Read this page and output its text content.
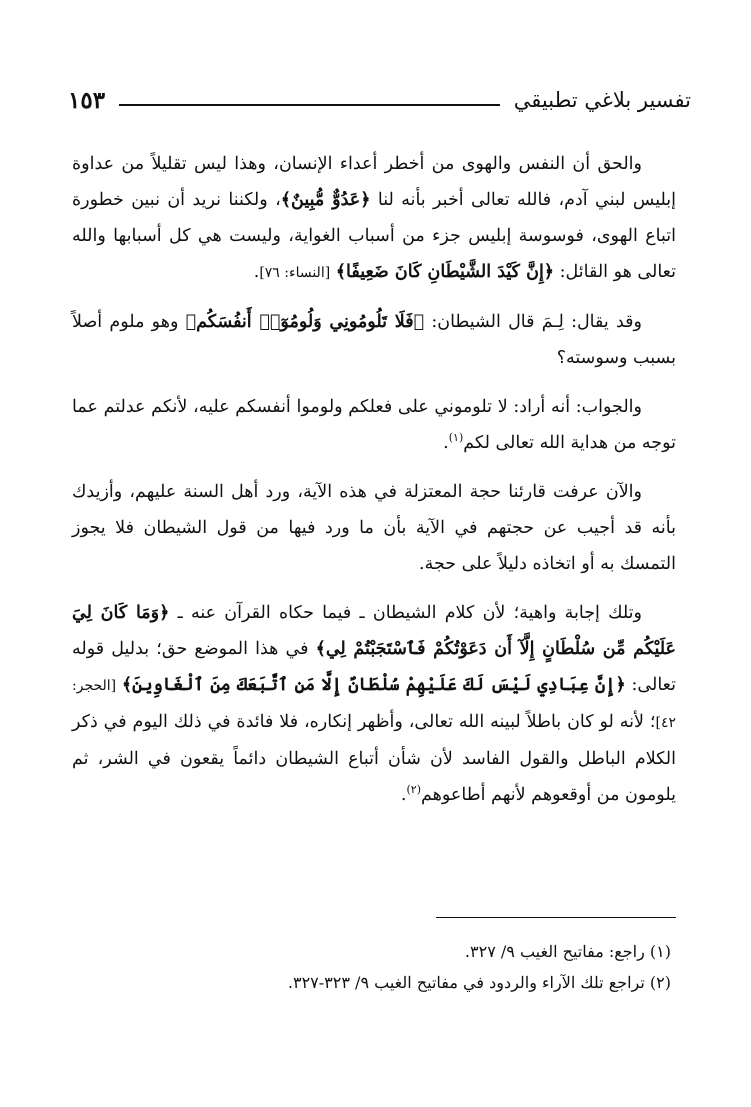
تفسير بلاغي تطبيقي
١٥٣

والحق أن النفس والهوى من أخطر أعداء الإنسان، وهذا ليس تقليلاً من عداوة إبليس لبني آدم، فالله تعالى أخبر بأنه لنا ﴿عَدُوٌّ مُّبِينٌ﴾، ولكننا نريد أن نبين خطورة اتباع الهوى، فوسوسة إبليس جزء من أسباب الغواية، وليست هي كل أسبابها والله تعالى هو القائل: ﴿إِنَّ كَيْدَ الشَّيْطَانِ كَانَ ضَعِيفًا﴾ [النساء: ٧٦].

وقد يقال: لِـمَ قال الشيطان: ﴿فَلَا تَلُومُونِي وَلُومُوٓا۟ أَنفُسَكُم﴾ وهو ملوم أصلاً بسبب وسوسته؟

والجواب: أنه أراد: لا تلوموني على فعلكم ولوموا أنفسكم عليه، لأنكم عدلتم عما توجه من هداية الله تعالى لكم$^{(١)}$.

والآن عرفت قارئنا حجة المعتزلة في هذه الآية، ورد أهل السنة عليهم، وأزيدك بأنه قد أجيب عن حجتهم في الآية بأن ما ورد فيها من قول الشيطان فلا يجوز التمسك به أو اتخاذه دليلاً على حجة.

وتلك إجابة واهية؛ لأن كلام الشيطان ـ فيما حكاه القرآن عنه ـ ﴿وَمَا كَانَ لِيَ عَلَيْكُم مِّن سُلْطَانٍ إِلَّآ أَن دَعَوْتُكُمْ فَٱسْتَجَبْتُمْ لِي﴾ في هذا الموضع حق؛ بدليل قوله تعالى: ﴿إِنَّ عِبَادِي لَيْسَ لَكَ عَلَيْهِمْ سُلْطَانٌ إِلَّا مَنِ ٱتَّبَعَكَ مِنَ ٱلْغَاوِينَ﴾ [الحجر: ٤٢]؛ لأنه لو كان باطلاً لبينه الله تعالى، وأظهر إنكاره، فلا فائدة في ذلك اليوم في ذكر الكلام الباطل والقول الفاسد لأن شأن أتباع الشيطان دائماً يقعون في الشر، ثم يلومون من أوقعوهم لأنهم أطاعوهم$^{(٢)}$.

(١) راجع: مفاتيح الغيب ٩/ ٣٢٧.

(٢) تراجع تلك الآراء والردود في مفاتيح الغيب ٩/ ٣٢٣-٣٢٧.
